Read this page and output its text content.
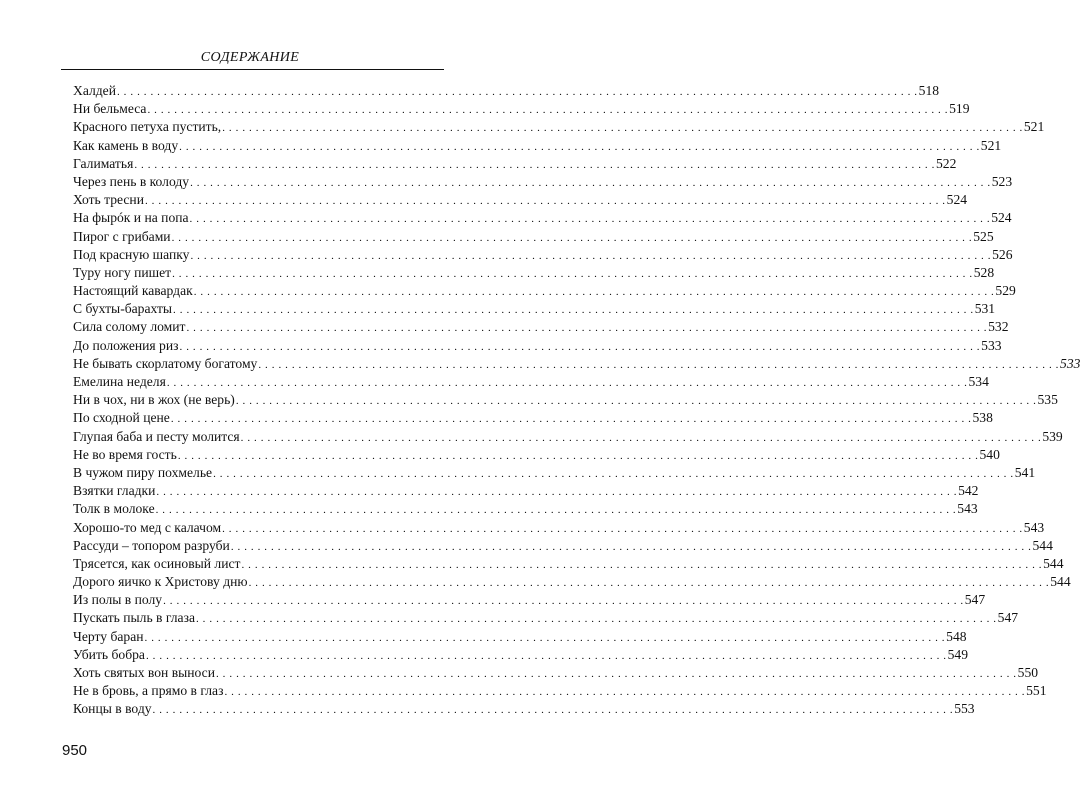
СОДЕРЖАНИЕ
Халдей . . . . . . . . . . . . . . . . . . . . . . . . . . . . . . . . . . . . . . . . . . . . . . . . . . . . . . . . . . . . . . . . . . . . . . . . . . . . . . . . . . . . . . . . . . . . . . . . . . . . . . . . . . . . . . . . . . . . . . . . 518
Ни бельмеса . . . . . . . . . . . . . . . . . . . . . . . . . . . . . . . . . . . . . . . . . . . . . . . . . . . . . . . . . . . . . . . . . . . . . . . . . . . . . . . . . . . . . . . . . . . . . . . . . . . . . . . . . . . . . . . . . . . . . . . . 519
Красного петуха пустить, . . . . . . . . . . . . . . . . . . . . . . . . . . . . . . . . . . . . . . . . . . . . . . . . . . . . . . . . . . . . . . . . . . . . . . . . . . . . . . . . . . . . . . . . . . . . . . . . . . . . . . . . . . . . . . . . . . . . . . . . 521
Как камень в воду . . . . . . . . . . . . . . . . . . . . . . . . . . . . . . . . . . . . . . . . . . . . . . . . . . . . . . . . . . . . . . . . . . . . . . . . . . . . . . . . . . . . . . . . . . . . . . . . . . . . . . . . . . . . . . . . . . . . . . . . 521
Галиматья . . . . . . . . . . . . . . . . . . . . . . . . . . . . . . . . . . . . . . . . . . . . . . . . . . . . . . . . . . . . . . . . . . . . . . . . . . . . . . . . . . . . . . . . . . . . . . . . . . . . . . . . . . . . . . . . . . . . . . . . 522
Через пень в колоду . . . . . . . . . . . . . . . . . . . . . . . . . . . . . . . . . . . . . . . . . . . . . . . . . . . . . . . . . . . . . . . . . . . . . . . . . . . . . . . . . . . . . . . . . . . . . . . . . . . . . . . . . . . . . . . . . . . . . . . . 523
Хоть тресни . . . . . . . . . . . . . . . . . . . . . . . . . . . . . . . . . . . . . . . . . . . . . . . . . . . . . . . . . . . . . . . . . . . . . . . . . . . . . . . . . . . . . . . . . . . . . . . . . . . . . . . . . . . . . . . . . . . . . . . . 524
На фырóк и на попа . . . . . . . . . . . . . . . . . . . . . . . . . . . . . . . . . . . . . . . . . . . . . . . . . . . . . . . . . . . . . . . . . . . . . . . . . . . . . . . . . . . . . . . . . . . . . . . . . . . . . . . . . . . . . . . . . . . . . . . . 524
Пирог с грибами . . . . . . . . . . . . . . . . . . . . . . . . . . . . . . . . . . . . . . . . . . . . . . . . . . . . . . . . . . . . . . . . . . . . . . . . . . . . . . . . . . . . . . . . . . . . . . . . . . . . . . . . . . . . . . . . . . . . . . . . 525
Под красную шапку . . . . . . . . . . . . . . . . . . . . . . . . . . . . . . . . . . . . . . . . . . . . . . . . . . . . . . . . . . . . . . . . . . . . . . . . . . . . . . . . . . . . . . . . . . . . . . . . . . . . . . . . . . . . . . . . . . . . . . . . 526
Туру ногу пишет . . . . . . . . . . . . . . . . . . . . . . . . . . . . . . . . . . . . . . . . . . . . . . . . . . . . . . . . . . . . . . . . . . . . . . . . . . . . . . . . . . . . . . . . . . . . . . . . . . . . . . . . . . . . . . . . . . . . . . . . 528
Настоящий кавардак . . . . . . . . . . . . . . . . . . . . . . . . . . . . . . . . . . . . . . . . . . . . . . . . . . . . . . . . . . . . . . . . . . . . . . . . . . . . . . . . . . . . . . . . . . . . . . . . . . . . . . . . . . . . . . . . . . . . . . . . 529
С бухты-барахты . . . . . . . . . . . . . . . . . . . . . . . . . . . . . . . . . . . . . . . . . . . . . . . . . . . . . . . . . . . . . . . . . . . . . . . . . . . . . . . . . . . . . . . . . . . . . . . . . . . . . . . . . . . . . . . . . . . . . . . . 531
Сила солому ломит . . . . . . . . . . . . . . . . . . . . . . . . . . . . . . . . . . . . . . . . . . . . . . . . . . . . . . . . . . . . . . . . . . . . . . . . . . . . . . . . . . . . . . . . . . . . . . . . . . . . . . . . . . . . . . . . . . . . . . . . 532
До положения риз . . . . . . . . . . . . . . . . . . . . . . . . . . . . . . . . . . . . . . . . . . . . . . . . . . . . . . . . . . . . . . . . . . . . . . . . . . . . . . . . . . . . . . . . . . . . . . . . . . . . . . . . . . . . . . . . . . . . . . . . 533
Не бывать скорлатому богатому . . . . . . . . . . . . . . . . . . . . . . . . . . . . . . . . . . . . . . . . . . . . . . . . . . . . . . . . . . . . . . . . . . . . . . . . . . . . . . . . . . . . . . . . . . . . . . . . . . . . . . . . . . . . . . . . . . . . . . . . 533
Емелина неделя . . . . . . . . . . . . . . . . . . . . . . . . . . . . . . . . . . . . . . . . . . . . . . . . . . . . . . . . . . . . . . . . . . . . . . . . . . . . . . . . . . . . . . . . . . . . . . . . . . . . . . . . . . . . . . . . . . . . . . . . 534
Ни в чох, ни в жох (не верь) . . . . . . . . . . . . . . . . . . . . . . . . . . . . . . . . . . . . . . . . . . . . . . . . . . . . . . . . . . . . . . . . . . . . . . . . . . . . . . . . . . . . . . . . . . . . . . . . . . . . . . . . . . . . . . . . . . . . . . . . 535
По сходной цене . . . . . . . . . . . . . . . . . . . . . . . . . . . . . . . . . . . . . . . . . . . . . . . . . . . . . . . . . . . . . . . . . . . . . . . . . . . . . . . . . . . . . . . . . . . . . . . . . . . . . . . . . . . . . . . . . . . . . . . . 538
Глупая баба и песту молится . . . . . . . . . . . . . . . . . . . . . . . . . . . . . . . . . . . . . . . . . . . . . . . . . . . . . . . . . . . . . . . . . . . . . . . . . . . . . . . . . . . . . . . . . . . . . . . . . . . . . . . . . . . . . . . . . . . . . . . . 539
Не во время гость . . . . . . . . . . . . . . . . . . . . . . . . . . . . . . . . . . . . . . . . . . . . . . . . . . . . . . . . . . . . . . . . . . . . . . . . . . . . . . . . . . . . . . . . . . . . . . . . . . . . . . . . . . . . . . . . . . . . . . . . 540
В чужом пиру похмелье . . . . . . . . . . . . . . . . . . . . . . . . . . . . . . . . . . . . . . . . . . . . . . . . . . . . . . . . . . . . . . . . . . . . . . . . . . . . . . . . . . . . . . . . . . . . . . . . . . . . . . . . . . . . . . . . . . . . . . . . 541
Взятки гладки . . . . . . . . . . . . . . . . . . . . . . . . . . . . . . . . . . . . . . . . . . . . . . . . . . . . . . . . . . . . . . . . . . . . . . . . . . . . . . . . . . . . . . . . . . . . . . . . . . . . . . . . . . . . . . . . . . . . . . . . 542
Толк в молоке . . . . . . . . . . . . . . . . . . . . . . . . . . . . . . . . . . . . . . . . . . . . . . . . . . . . . . . . . . . . . . . . . . . . . . . . . . . . . . . . . . . . . . . . . . . . . . . . . . . . . . . . . . . . . . . . . . . . . . . . 543
Хорошо-то мед с калачом . . . . . . . . . . . . . . . . . . . . . . . . . . . . . . . . . . . . . . . . . . . . . . . . . . . . . . . . . . . . . . . . . . . . . . . . . . . . . . . . . . . . . . . . . . . . . . . . . . . . . . . . . . . . . . . . . . . . . . . . 543
Рассуди – топором разруби . . . . . . . . . . . . . . . . . . . . . . . . . . . . . . . . . . . . . . . . . . . . . . . . . . . . . . . . . . . . . . . . . . . . . . . . . . . . . . . . . . . . . . . . . . . . . . . . . . . . . . . . . . . . . . . . . . . . . . . . 544
Трясется, как осиновый лист . . . . . . . . . . . . . . . . . . . . . . . . . . . . . . . . . . . . . . . . . . . . . . . . . . . . . . . . . . . . . . . . . . . . . . . . . . . . . . . . . . . . . . . . . . . . . . . . . . . . . . . . . . . . . . . . . . . . . . . . 544
Дорого яичко к Христову дню . . . . . . . . . . . . . . . . . . . . . . . . . . . . . . . . . . . . . . . . . . . . . . . . . . . . . . . . . . . . . . . . . . . . . . . . . . . . . . . . . . . . . . . . . . . . . . . . . . . . . . . . . . . . . . . . . . . . . . . . 544
Из полы в полу . . . . . . . . . . . . . . . . . . . . . . . . . . . . . . . . . . . . . . . . . . . . . . . . . . . . . . . . . . . . . . . . . . . . . . . . . . . . . . . . . . . . . . . . . . . . . . . . . . . . . . . . . . . . . . . . . . . . . . . . 547
Пускать пыль в глаза . . . . . . . . . . . . . . . . . . . . . . . . . . . . . . . . . . . . . . . . . . . . . . . . . . . . . . . . . . . . . . . . . . . . . . . . . . . . . . . . . . . . . . . . . . . . . . . . . . . . . . . . . . . . . . . . . . . . . . . . 547
Черту баран . . . . . . . . . . . . . . . . . . . . . . . . . . . . . . . . . . . . . . . . . . . . . . . . . . . . . . . . . . . . . . . . . . . . . . . . . . . . . . . . . . . . . . . . . . . . . . . . . . . . . . . . . . . . . . . . . . . . . . . . 548
Убить бобра . . . . . . . . . . . . . . . . . . . . . . . . . . . . . . . . . . . . . . . . . . . . . . . . . . . . . . . . . . . . . . . . . . . . . . . . . . . . . . . . . . . . . . . . . . . . . . . . . . . . . . . . . . . . . . . . . . . . . . . . 549
Хоть святых вон выноси . . . . . . . . . . . . . . . . . . . . . . . . . . . . . . . . . . . . . . . . . . . . . . . . . . . . . . . . . . . . . . . . . . . . . . . . . . . . . . . . . . . . . . . . . . . . . . . . . . . . . . . . . . . . . . . . . . . . . . . . 550
Не в бровь, а прямо в глаз . . . . . . . . . . . . . . . . . . . . . . . . . . . . . . . . . . . . . . . . . . . . . . . . . . . . . . . . . . . . . . . . . . . . . . . . . . . . . . . . . . . . . . . . . . . . . . . . . . . . . . . . . . . . . . . . . . . . . . . . 551
Концы в воду . . . . . . . . . . . . . . . . . . . . . . . . . . . . . . . . . . . . . . . . . . . . . . . . . . . . . . . . . . . . . . . . . . . . . . . . . . . . . . . . . . . . . . . . . . . . . . . . . . . . . . . . . . . . . . . . . . . . . . . . 553
950
